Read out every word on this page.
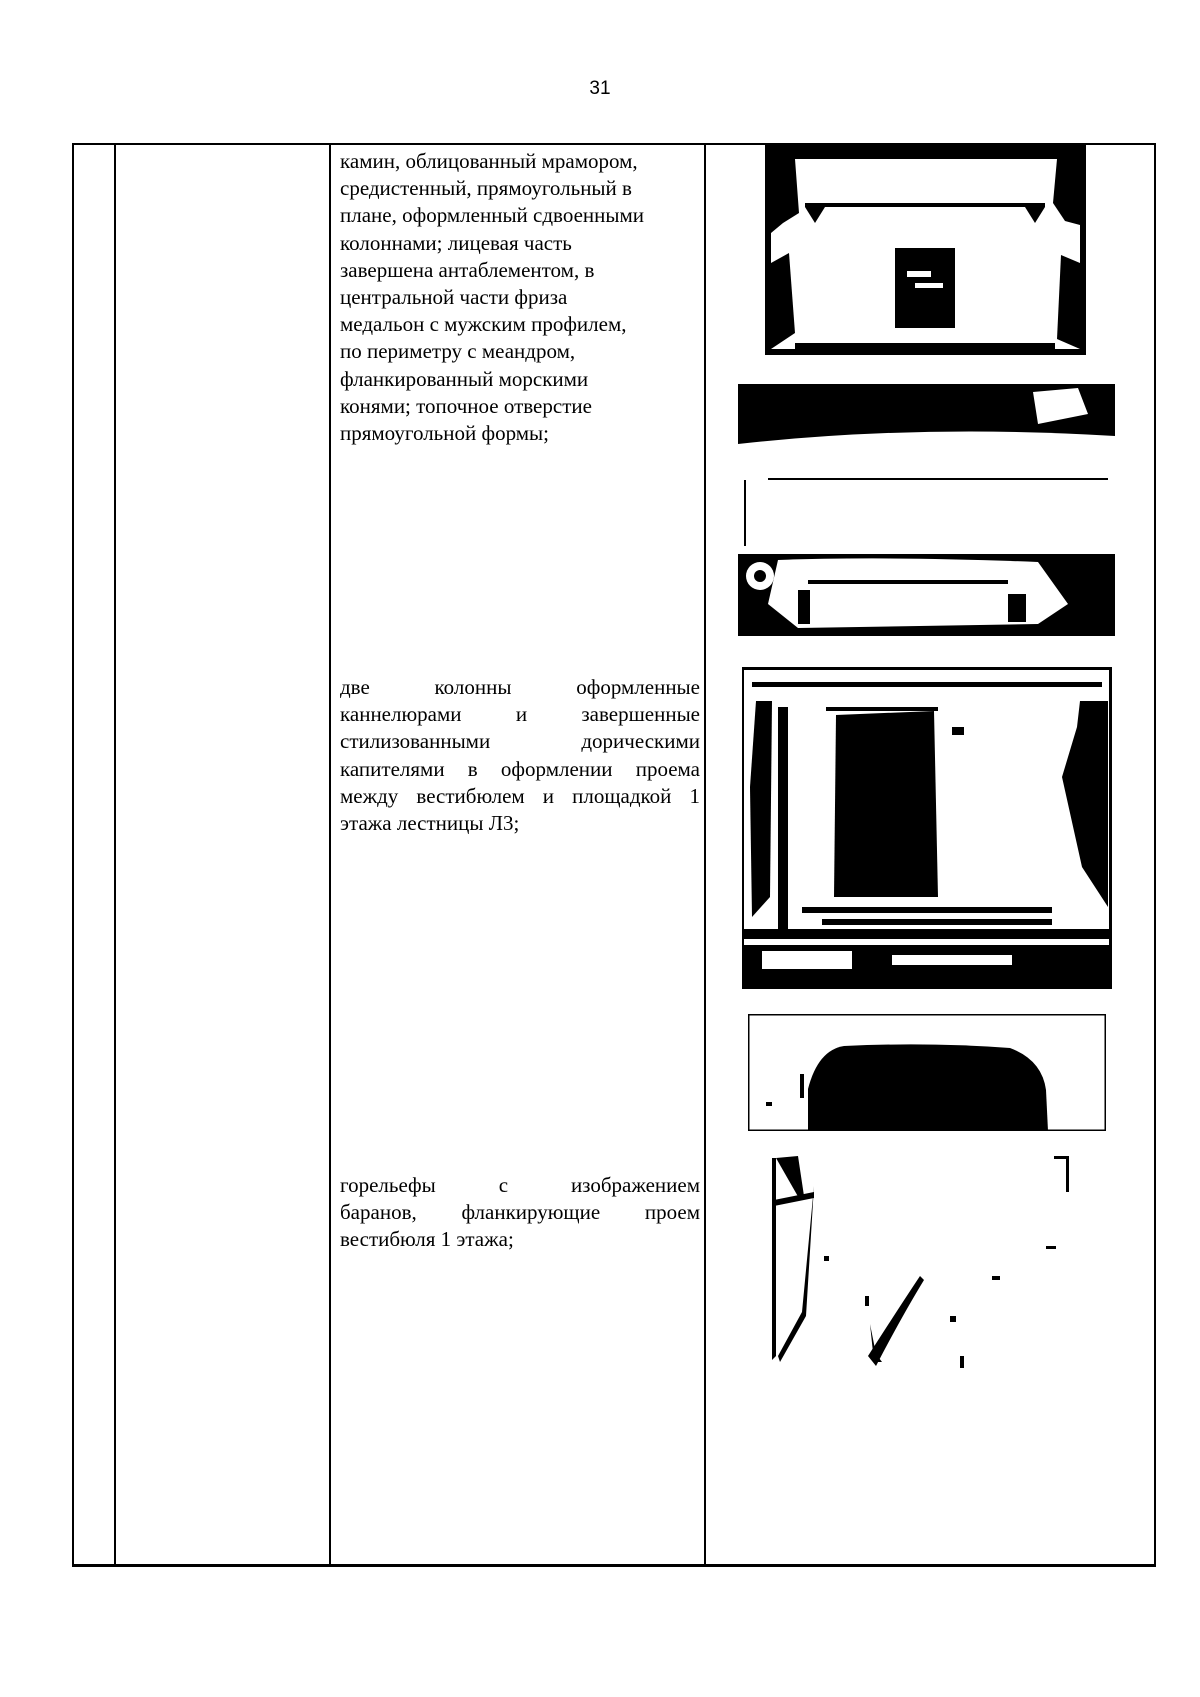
31

камин, облицованный мрамором,

средистенный, прямоугольный в

плане, оформленный сдвоенными

колоннами; лицевая часть

завершена антаблементом, в

центральной части фриза

медальон с мужским профилем,

по периметру с меандром,

фланкированный морскими

конями; топочное отверстие

прямоугольной формы;

две колонны оформленные

каннелюрами и завершенные

стилизованными дорическими

капителями в оформлении проема

между вестибюлем и площадкой 1

этажа лестницы Л3;

горельефы с изображением

баранов, фланкирующие проем

вестибюля 1 этажа;
